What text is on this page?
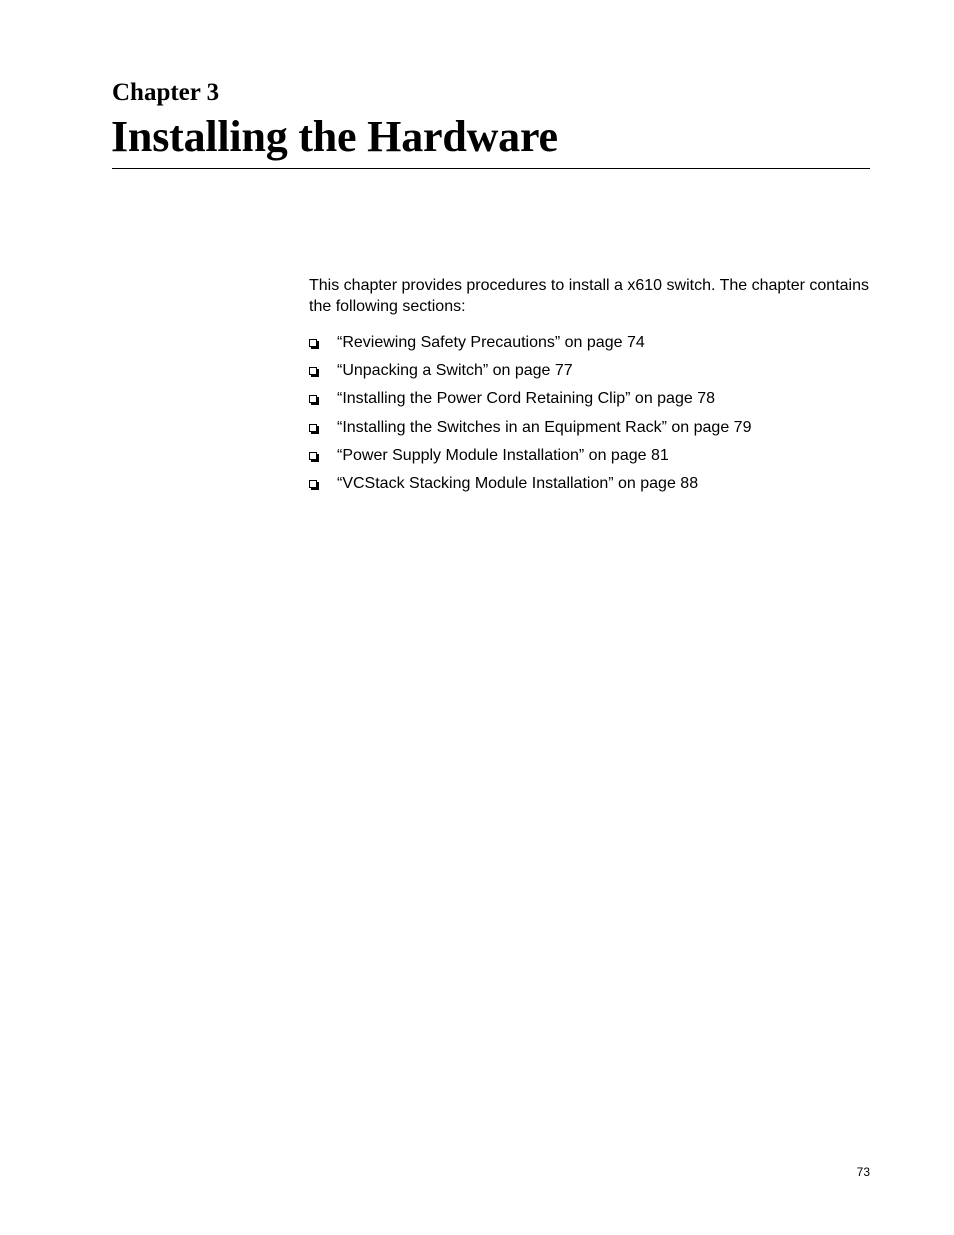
Chapter 3
Installing the Hardware

This chapter provides procedures to install a x610 switch. The chapter contains the following sections:

“Reviewing Safety Precautions” on page 74
“Unpacking a Switch” on page 77
“Installing the Power Cord Retaining Clip” on page 78
“Installing the Switches in an Equipment Rack” on page 79
“Power Supply Module Installation” on page 81
“VCStack Stacking Module Installation” on page 88

73
